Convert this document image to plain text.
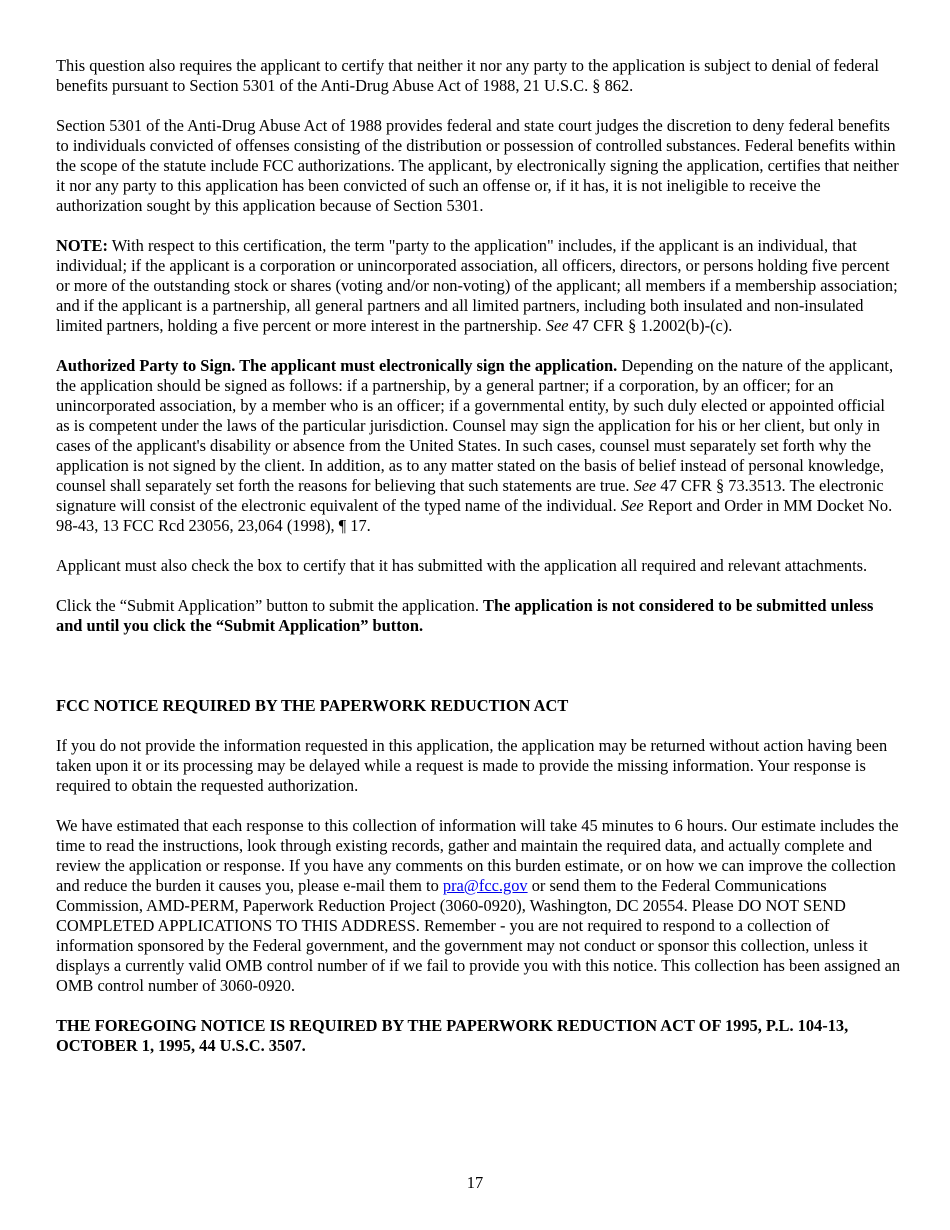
This question also requires the applicant to certify that neither it nor any party to the application is subject to denial of federal benefits pursuant to Section 5301 of the Anti-Drug Abuse Act of 1988, 21 U.S.C. § 862.

Section 5301 of the Anti-Drug Abuse Act of 1988 provides federal and state court judges the discretion to deny federal benefits to individuals convicted of offenses consisting of the distribution or possession of controlled substances. Federal benefits within the scope of the statute include FCC authorizations. The applicant, by electronically signing the application, certifies that neither it nor any party to this application has been convicted of such an offense or, if it has, it is not ineligible to receive the authorization sought by this application because of Section 5301.

NOTE: With respect to this certification, the term "party to the application" includes, if the applicant is an individual, that individual; if the applicant is a corporation or unincorporated association, all officers, directors, or persons holding five percent or more of the outstanding stock or shares (voting and/or non-voting) of the applicant; all members if a membership association; and if the applicant is a partnership, all general partners and all limited partners, including both insulated and non-insulated limited partners, holding a five percent or more interest in the partnership. See 47 CFR § 1.2002(b)-(c).

Authorized Party to Sign. The applicant must electronically sign the application. Depending on the nature of the applicant, the application should be signed as follows: if a partnership, by a general partner; if a corporation, by an officer; for an unincorporated association, by a member who is an officer; if a governmental entity, by such duly elected or appointed official as is competent under the laws of the particular jurisdiction. Counsel may sign the application for his or her client, but only in cases of the applicant's disability or absence from the United States. In such cases, counsel must separately set forth why the application is not signed by the client. In addition, as to any matter stated on the basis of belief instead of personal knowledge, counsel shall separately set forth the reasons for believing that such statements are true. See 47 CFR § 73.3513. The electronic signature will consist of the electronic equivalent of the typed name of the individual. See Report and Order in MM Docket No. 98-43, 13 FCC Rcd 23056, 23,064 (1998), ¶ 17.

Applicant must also check the box to certify that it has submitted with the application all required and relevant attachments.

Click the “Submit Application” button to submit the application. The application is not considered to be submitted unless and until you click the “Submit Application” button.

FCC NOTICE REQUIRED BY THE PAPERWORK REDUCTION ACT

If you do not provide the information requested in this application, the application may be returned without action having been taken upon it or its processing may be delayed while a request is made to provide the missing information. Your response is required to obtain the requested authorization.

We have estimated that each response to this collection of information will take 45 minutes to 6 hours. Our estimate includes the time to read the instructions, look through existing records, gather and maintain the required data, and actually complete and review the application or response. If you have any comments on this burden estimate, or on how we can improve the collection and reduce the burden it causes you, please e-mail them to pra@fcc.gov or send them to the Federal Communications Commission, AMD-PERM, Paperwork Reduction Project (3060-0920), Washington, DC 20554. Please DO NOT SEND COMPLETED APPLICATIONS TO THIS ADDRESS. Remember - you are not required to respond to a collection of information sponsored by the Federal government, and the government may not conduct or sponsor this collection, unless it displays a currently valid OMB control number of if we fail to provide you with this notice. This collection has been assigned an OMB control number of 3060-0920.

THE FOREGOING NOTICE IS REQUIRED BY THE PAPERWORK REDUCTION ACT OF 1995, P.L. 104-13, OCTOBER 1, 1995, 44 U.S.C. 3507.

17
